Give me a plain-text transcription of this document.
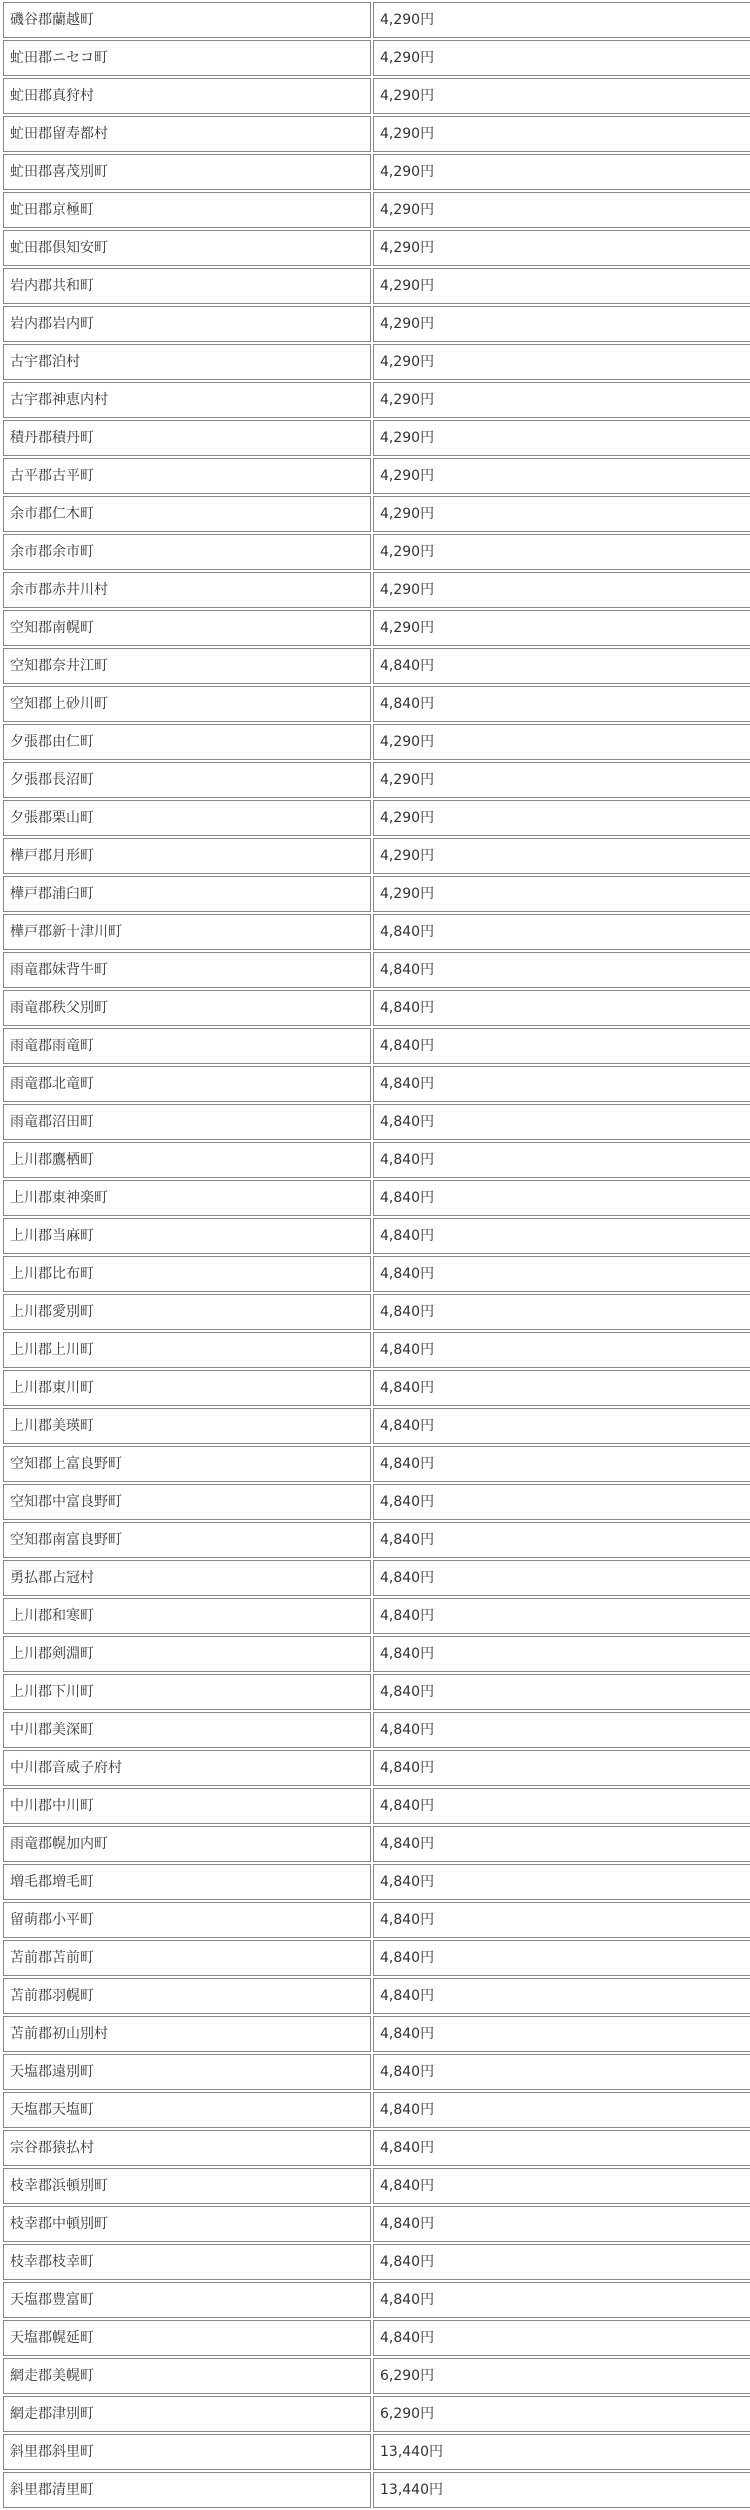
磯谷郡蘭越町	4,290円
虻田郡ニセコ町	4,290円
虻田郡真狩村	4,290円
虻田郡留寿都村	4,290円
虻田郡喜茂別町	4,290円
虻田郡京極町	4,290円
虻田郡倶知安町	4,290円
岩内郡共和町	4,290円
岩内郡岩内町	4,290円
古宇郡泊村	4,290円
古宇郡神恵内村	4,290円
積丹郡積丹町	4,290円
古平郡古平町	4,290円
余市郡仁木町	4,290円
余市郡余市町	4,290円
余市郡赤井川村	4,290円
空知郡南幌町	4,290円
空知郡奈井江町	4,840円
空知郡上砂川町	4,840円
夕張郡由仁町	4,290円
夕張郡長沼町	4,290円
夕張郡栗山町	4,290円
樺戸郡月形町	4,290円
樺戸郡浦臼町	4,290円
樺戸郡新十津川町	4,840円
雨竜郡妹背牛町	4,840円
雨竜郡秩父別町	4,840円
雨竜郡雨竜町	4,840円
雨竜郡北竜町	4,840円
雨竜郡沼田町	4,840円
上川郡鷹栖町	4,840円
上川郡東神楽町	4,840円
上川郡当麻町	4,840円
上川郡比布町	4,840円
上川郡愛別町	4,840円
上川郡上川町	4,840円
上川郡東川町	4,840円
上川郡美瑛町	4,840円
空知郡上富良野町	4,840円
空知郡中富良野町	4,840円
空知郡南富良野町	4,840円
勇払郡占冠村	4,840円
上川郡和寒町	4,840円
上川郡剣淵町	4,840円
上川郡下川町	4,840円
中川郡美深町	4,840円
中川郡音威子府村	4,840円
中川郡中川町	4,840円
雨竜郡幌加内町	4,840円
増毛郡増毛町	4,840円
留萌郡小平町	4,840円
苫前郡苫前町	4,840円
苫前郡羽幌町	4,840円
苫前郡初山別村	4,840円
天塩郡遠別町	4,840円
天塩郡天塩町	4,840円
宗谷郡猿払村	4,840円
枝幸郡浜頓別町	4,840円
枝幸郡中頓別町	4,840円
枝幸郡枝幸町	4,840円
天塩郡豊富町	4,840円
天塩郡幌延町	4,840円
網走郡美幌町	6,290円
網走郡津別町	6,290円
斜里郡斜里町	13,440円
斜里郡清里町	13,440円
